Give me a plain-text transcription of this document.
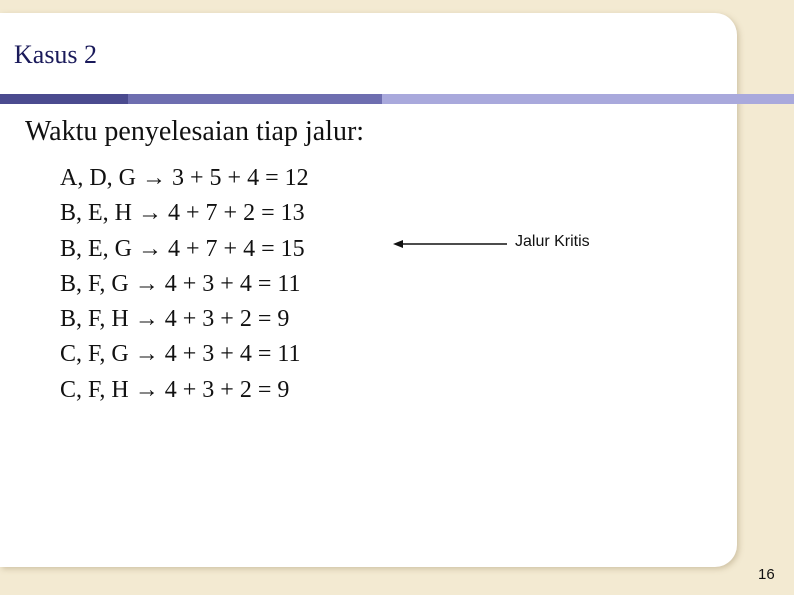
Kasus 2
Waktu penyelesaian tiap jalur:
A, D, G → 3 + 5 + 4 = 12
B, E, H → 4 + 7 + 2 = 13
B, E, G → 4 + 7 + 4 = 15
B, F, G → 4 + 3 + 4 = 11
B, F, H → 4 + 3 + 2 = 9
C, F, G → 4 + 3 + 4 = 11
C, F, H → 4 + 3 + 2 = 9
Jalur Kritis
16
